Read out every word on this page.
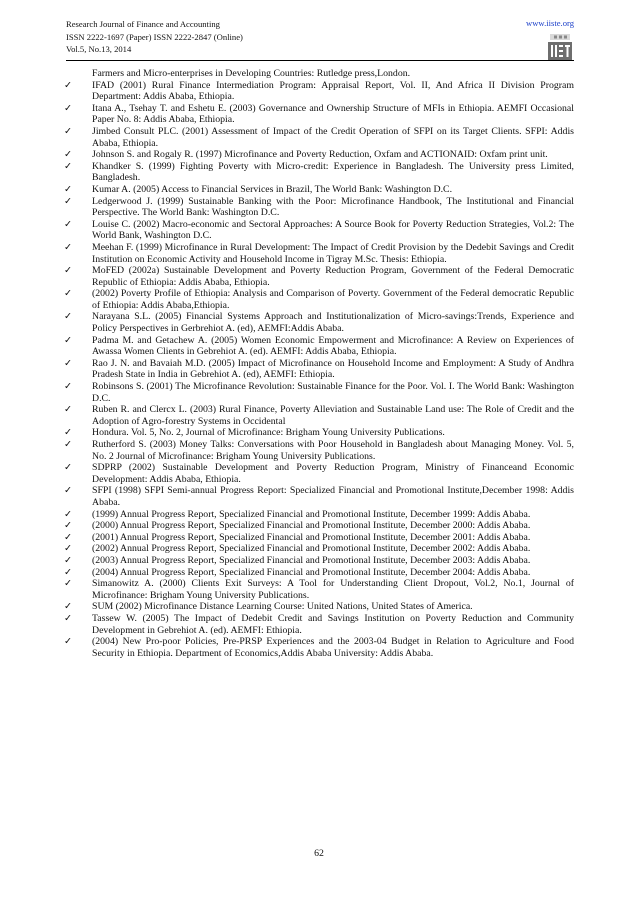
Research Journal of Finance and Accounting
ISSN 2222-1697 (Paper) ISSN 2222-2847 (Online)
Vol.5, No.13, 2014
www.iiste.org
Farmers and Micro-enterprises in Developing Countries: Rutledge press,London.
✓ IFAD (2001) Rural Finance Intermediation Program: Appraisal Report, Vol. II, And Africa II Division Program Department: Addis Ababa, Ethiopia.
✓ Itana A., Tsehay T. and Eshetu E. (2003) Governance and Ownership Structure of MFIs in Ethiopia. AEMFI Occasional Paper No. 8: Addis Ababa, Ethiopia.
✓ Jimbed Consult PLC. (2001) Assessment of Impact of the Credit Operation of SFPI on its Target Clients. SFPI: Addis Ababa, Ethiopia.
✓ Johnson S. and Rogaly R. (1997) Microfinance and Poverty Reduction, Oxfam and ACTIONAID: Oxfam print unit.
✓ Khandker S. (1999) Fighting Poverty with Micro-credit: Experience in Bangladesh. The University press Limited, Bangladesh.
✓ Kumar A. (2005) Access to Financial Services in Brazil, The World Bank: Washington D.C.
✓ Ledgerwood J. (1999) Sustainable Banking with the Poor: Microfinance Handbook, The Institutional and Financial Perspective. The World Bank: Washington D.C.
✓ Louise C. (2002) Macro-economic and Sectoral Approaches: A Source Book for Poverty Reduction Strategies, Vol.2: The World Bank, Washington D.C.
✓ Meehan F. (1999) Microfinance in Rural Development: The Impact of Credit Provision by the Dedebit Savings and Credit Institution on Economic Activity and Household Income in Tigray M.Sc. Thesis: Ethiopia.
✓ MoFED (2002a) Sustainable Development and Poverty Reduction Program, Government of the Federal Democratic Republic of Ethiopia: Addis Ababa, Ethiopia.
✓ (2002) Poverty Profile of Ethiopia: Analysis and Comparison of Poverty. Government of the Federal democratic Republic of Ethiopia: Addis Ababa,Ethiopia.
✓ Narayana S.L. (2005) Financial Systems Approach and Institutionalization of Micro-savings:Trends, Experience and Policy Perspectives in Gerbrehiot A. (ed), AEMFI:Addis Ababa.
✓ Padma M. and Getachew A. (2005) Women Economic Empowerment and Microfinance: A Review on Experiences of Awassa Women Clients in Gebrehiot A. (ed). AEMFI: Addis Ababa, Ethiopia.
✓ Rao J. N. and Bavaiah M.D. (2005) Impact of Microfinance on Household Income and Employment: A Study of Andhra Pradesh State in India in Gebrehiot A. (ed), AEMFI: Ethiopia.
✓ Robinsons S. (2001) The Microfinance Revolution: Sustainable Finance for the Poor. Vol. I. The World Bank: Washington D.C.
✓ Ruben R. and Clercx L. (2003) Rural Finance, Poverty Alleviation and Sustainable Land use: The Role of Credit and the Adoption of Agro-forestry Systems in Occidental
✓ Hondura. Vol. 5, No. 2, Journal of Microfinance: Brigham Young University Publications.
✓ Rutherford S. (2003) Money Talks: Conversations with Poor Household in Bangladesh about Managing Money. Vol. 5, No. 2 Journal of Microfinance: Brigham Young University Publications.
✓ SDPRP (2002) Sustainable Development and Poverty Reduction Program, Ministry of Financeand Economic Development: Addis Ababa, Ethiopia.
✓ SFPI (1998) SFPI Semi-annual Progress Report: Specialized Financial and Promotional Institute,December 1998: Addis Ababa.
✓ (1999) Annual Progress Report, Specialized Financial and Promotional Institute, December 1999: Addis Ababa.
✓ (2000) Annual Progress Report, Specialized Financial and Promotional Institute, December 2000: Addis Ababa.
✓ (2001) Annual Progress Report, Specialized Financial and Promotional Institute, December 2001: Addis Ababa.
✓ (2002) Annual Progress Report, Specialized Financial and Promotional Institute, December 2002: Addis Ababa.
✓ (2003) Annual Progress Report, Specialized Financial and Promotional Institute, December 2003: Addis Ababa.
✓ (2004) Annual Progress Report, Specialized Financial and Promotional Institute, December 2004: Addis Ababa.
✓ Simanowitz A. (2000) Clients Exit Surveys: A Tool for Understanding Client Dropout, Vol.2, No.1, Journal of Microfinance: Brigham Young University Publications.
✓ SUM (2002) Microfinance Distance Learning Course: United Nations, United States of America.
✓ Tassew W. (2005) The Impact of Dedebit Credit and Savings Institution on Poverty Reduction and Community Development in Gebrehiot A. (ed). AEMFI: Ethiopia.
✓ (2004) New Pro-poor Policies, Pre-PRSP Experiences and the 2003-04 Budget in Relation to Agriculture and Food Security in Ethiopia. Department of Economics,Addis Ababa University: Addis Ababa.
62
